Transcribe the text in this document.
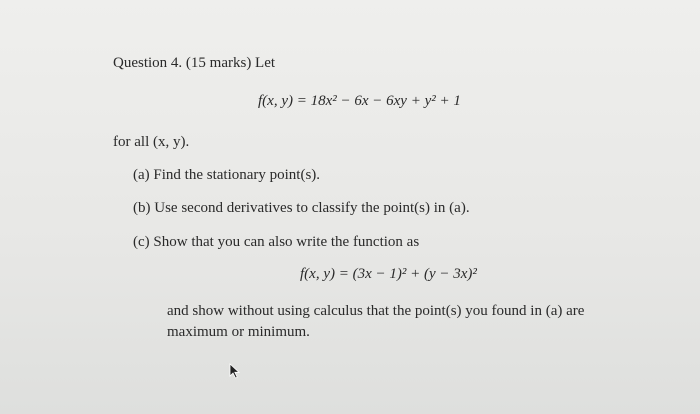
Question 4. (15 marks) Let
f(x, y) = 18x² − 6x − 6xy + y² + 1
for all (x, y).
(a) Find the stationary point(s).
(b) Use second derivatives to classify the point(s) in (a).
(c) Show that you can also write the function as
f(x, y) = (3x − 1)² + (y − 3x)²
and show without using calculus that the point(s) you found in (a) are
maximum or minimum.
